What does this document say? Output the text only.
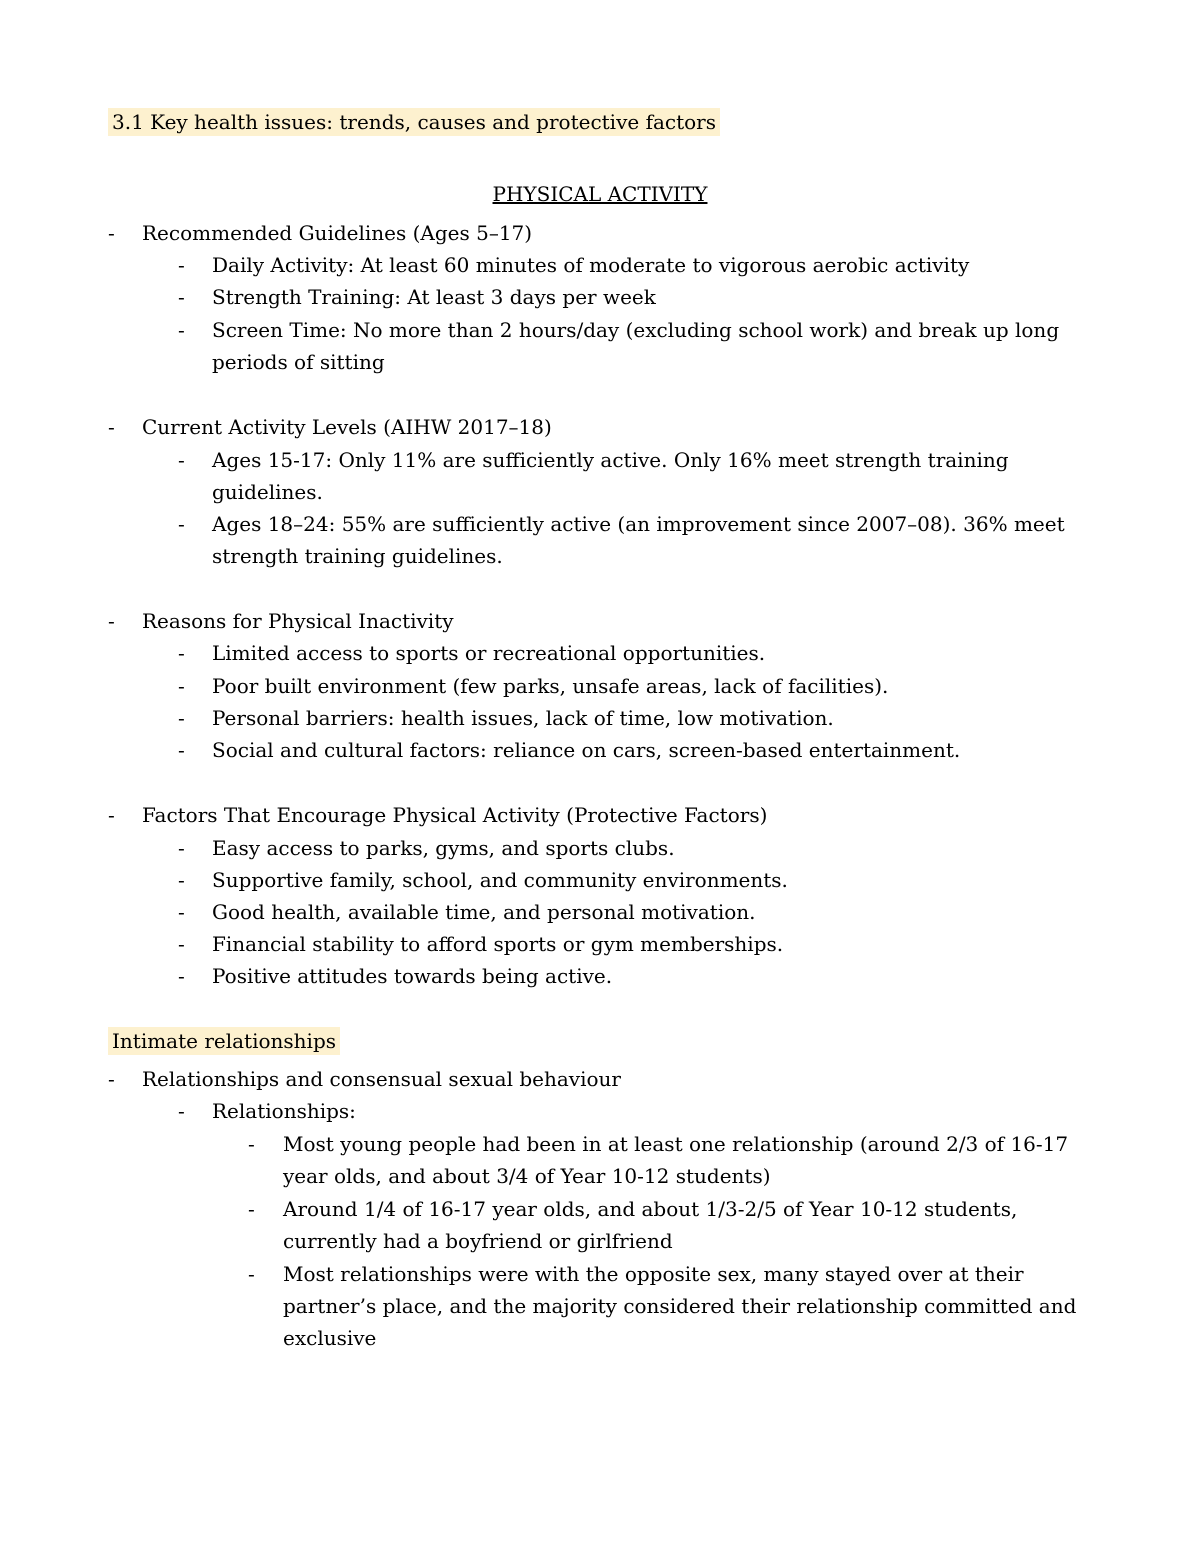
3.1 Key health issues: trends, causes and protective factors
PHYSICAL ACTIVITY
- Recommended Guidelines (Ages 5–17)
- Daily Activity: At least 60 minutes of moderate to vigorous aerobic activity
- Strength Training: At least 3 days per week
- Screen Time: No more than 2 hours/day (excluding school work) and break up long
periods of sitting
- Current Activity Levels (AIHW 2017–18)
- Ages 15-17: Only 11% are sufficiently active. Only 16% meet strength training
guidelines.
- Ages 18–24: 55% are sufficiently active (an improvement since 2007–08). 36% meet
strength training guidelines.
- Reasons for Physical Inactivity
- Limited access to sports or recreational opportunities.
- Poor built environment (few parks, unsafe areas, lack of facilities).
- Personal barriers: health issues, lack of time, low motivation.
- Social and cultural factors: reliance on cars, screen-based entertainment.
- Factors That Encourage Physical Activity (Protective Factors)
- Easy access to parks, gyms, and sports clubs.
- Supportive family, school, and community environments.
- Good health, available time, and personal motivation.
- Financial stability to afford sports or gym memberships.
- Positive attitudes towards being active.
Intimate relationships
- Relationships and consensual sexual behaviour
- Relationships:
- Most young people had been in at least one relationship (around 2/3 of 16-17
year olds, and about 3/4 of Year 10-12 students)
- Around 1/4 of 16-17 year olds, and about 1/3-2/5 of Year 10-12 students,
currently had a boyfriend or girlfriend
- Most relationships were with the opposite sex, many stayed over at their
partner’s place, and the majority considered their relationship committed and
exclusive
